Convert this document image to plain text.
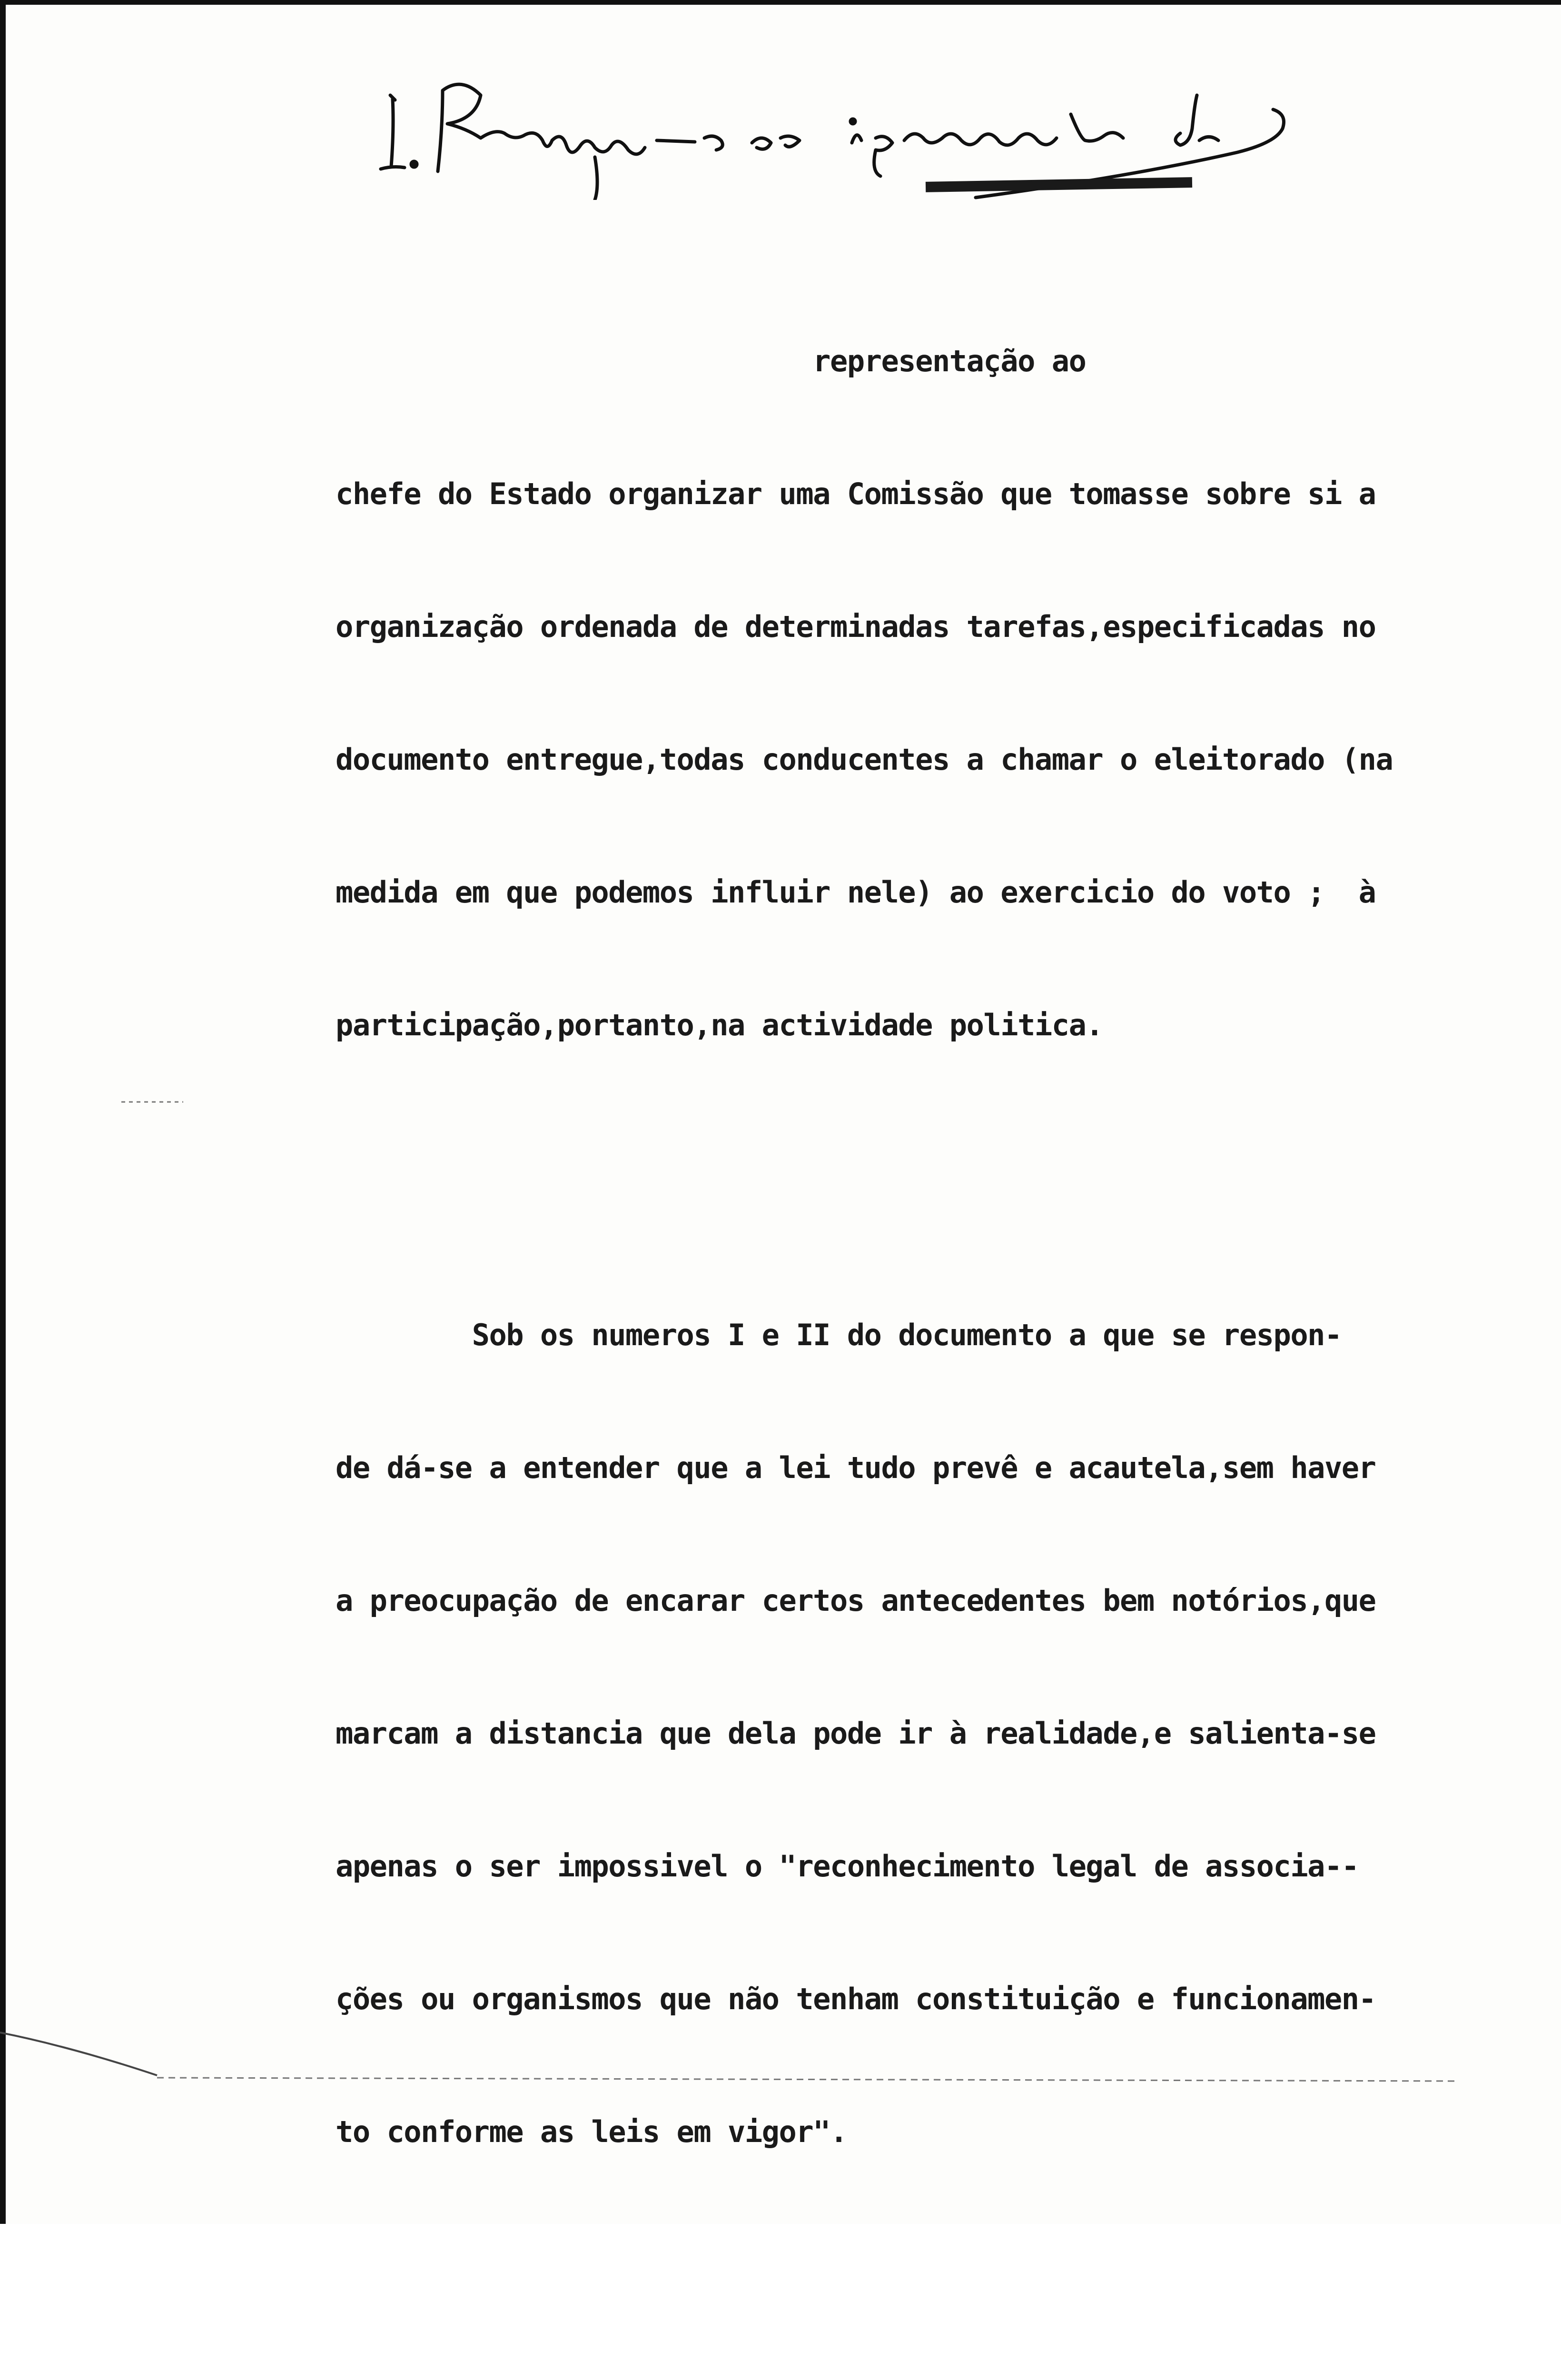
representação ao

chefe do Estado organizar uma Comissão que tomasse sobre si a

organização ordenada de determinadas tarefas,especificadas no

documento entregue,todas conducentes a chamar o eleitorado (na

medida em que podemos influir nele) ao exercicio do voto ;  à

participação,portanto,na actividade politica.

Sob os numeros I e II do documento a que se respon-

de dá-se a entender que a lei tudo prevê e acautela,sem haver

a preocupação de encarar certos antecedentes bem notórios,que

marcam a distancia que dela pode ir à realidade,e salienta-se

apenas o ser impossivel o "reconhecimento legal de associa--

ções ou organismos que não tenham constituição e funcionamen-

to conforme as leis em vigor".
